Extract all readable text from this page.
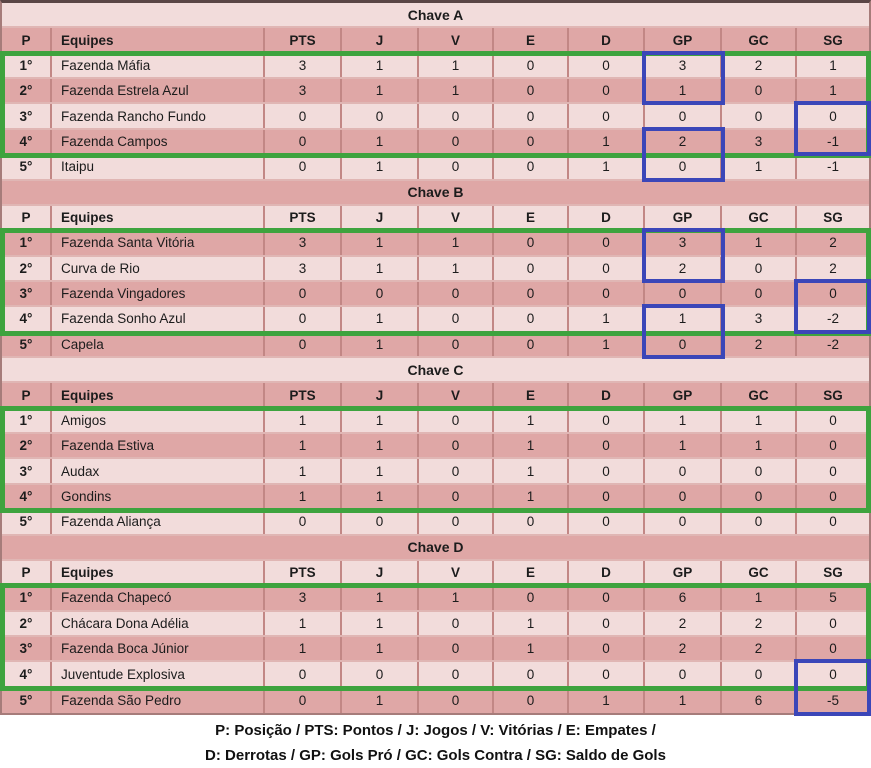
Chave A
P	Equipes	PTS	J	V	E	D	GP	GC	SG
1°	Fazenda Máfia	3	1	1	0	0	3	2	1
2°	Fazenda Estrela Azul	3	1	1	0	0	1	0	1
3°	Fazenda Rancho Fundo	0	0	0	0	0	0	0	0
4°	Fazenda Campos	0	1	0	0	1	2	3	-1
5°	Itaipu	0	1	0	0	1	0	1	-1
Chave B
P	Equipes	PTS	J	V	E	D	GP	GC	SG
1°	Fazenda Santa Vitória	3	1	1	0	0	3	1	2
2°	Curva de Rio	3	1	1	0	0	2	0	2
3°	Fazenda Vingadores	0	0	0	0	0	0	0	0
4°	Fazenda Sonho Azul	0	1	0	0	1	1	3	-2
5°	Capela	0	1	0	0	1	0	2	-2
Chave C
P	Equipes	PTS	J	V	E	D	GP	GC	SG
1°	Amigos	1	1	0	1	0	1	1	0
2°	Fazenda Estiva	1	1	0	1	0	1	1	0
3°	Audax	1	1	0	1	0	0	0	0
4°	Gondins	1	1	0	1	0	0	0	0
5°	Fazenda Aliança	0	0	0	0	0	0	0	0
Chave D
P	Equipes	PTS	J	V	E	D	GP	GC	SG
1°	Fazenda Chapecó	3	1	1	0	0	6	1	5
2°	Chácara Dona Adélia	1	1	0	1	0	2	2	0
3°	Fazenda Boca Júnior	1	1	0	1	0	2	2	0
4°	Juventude Explosiva	0	0	0	0	0	0	0	0
5°	Fazenda São Pedro	0	1	0	0	1	1	6	-5
P: Posição / PTS: Pontos / J: Jogos / V: Vitórias / E: Empates /
D: Derrotas / GP: Gols Pró / GC: Gols Contra / SG: Saldo de Gols
